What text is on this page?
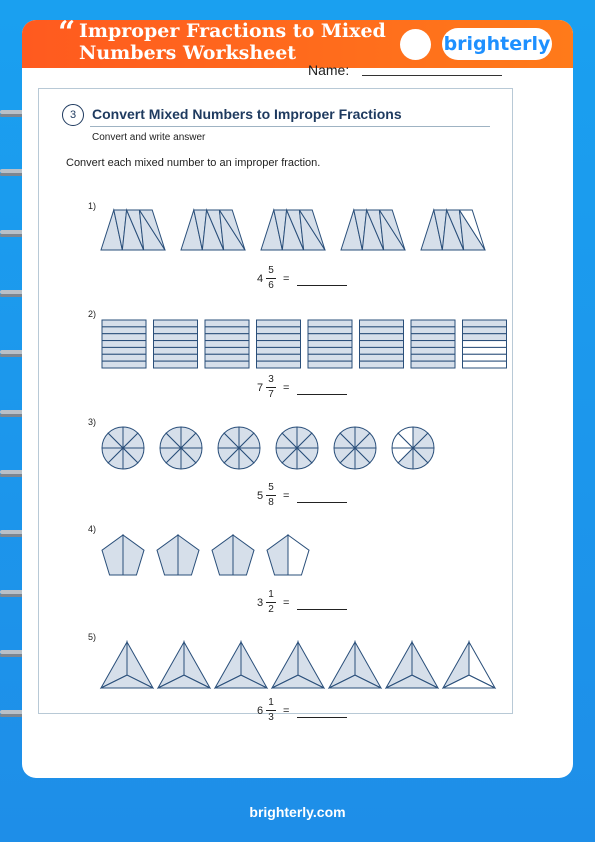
“ Improper Fractions to Mixed Numbers Worksheet	brighterly
Name:
3	Convert Mixed Numbers to Improper Fractions
Convert and write answer
Convert each mixed number to an improper fraction.
1)
4
5
6
=
2)
7
3
7
=
3)
5
5
8
=
4)
3
1
2
=
5)
6
1
3
=
brighterly.com
